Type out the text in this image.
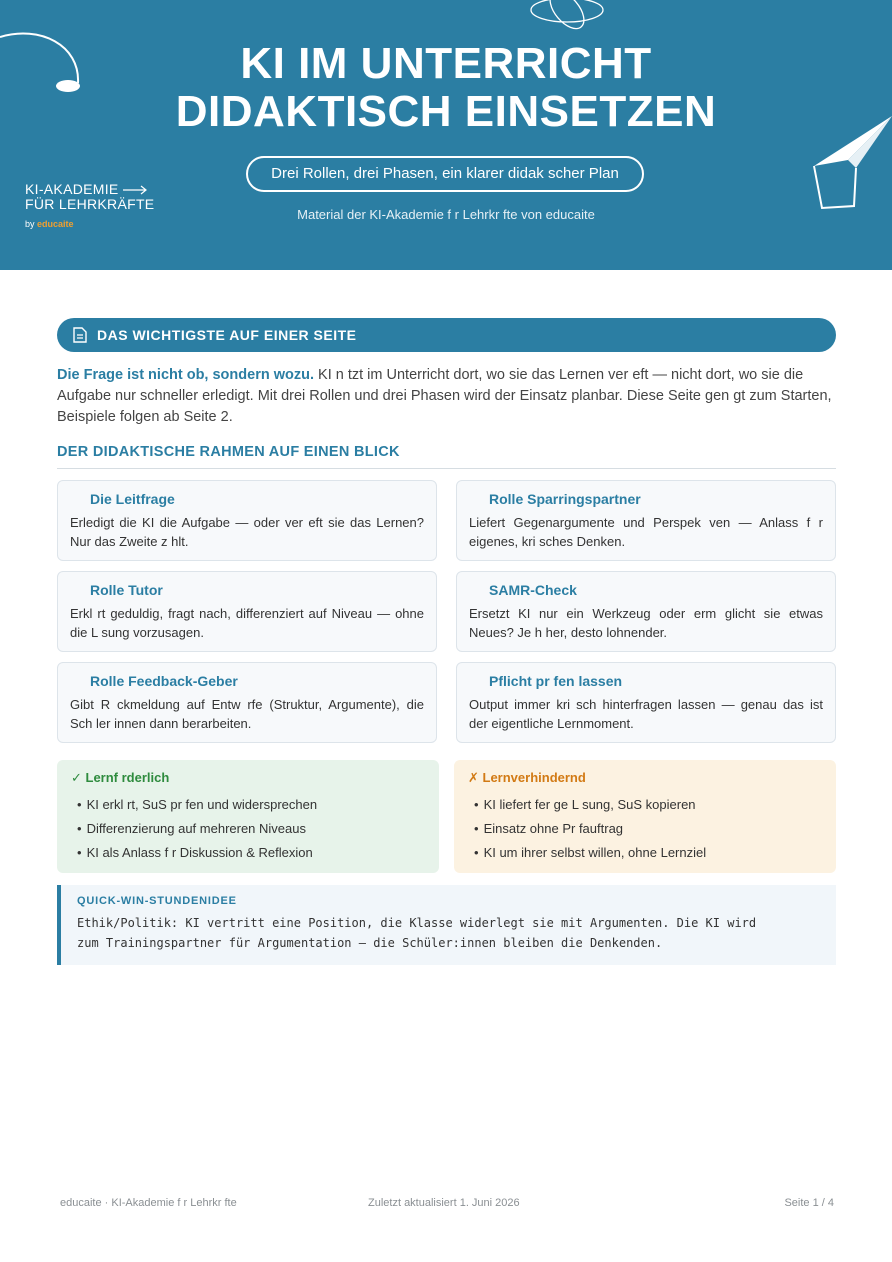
KI IM UNTERRICHT
DIDAKTISCH EINSETZEN
Drei Rollen, drei Phasen, ein klarer didak scher Plan
Material der KI-Akademie f r Lehrkr fte von educaite
KI-AKADEMIE
FÜR LEHRKRÄFTE
by educaite
DAS WICHTIGSTE AUF EINER SEITE
Die Frage ist nicht ob, sondern wozu. KI n tzt im Unterricht dort, wo sie das Lernen ver eft — nicht dort, wo sie die Aufgabe nur schneller erledigt. Mit drei Rollen und drei Phasen wird der Einsatz planbar. Diese Seite gen gt zum Starten, Beispiele folgen ab Seite 2.
DER DIDAKTISCHE RAHMEN AUF EINEN BLICK
Die Leitfrage
Erledigt die KI die Aufgabe — oder ver eft sie das Lernen? Nur das Zweite z hlt.
Rolle Sparringspartner
Liefert Gegenargumente und Perspek ven — Anlass f r eigenes, kri sches Denken.
Rolle Tutor
Erkl rt geduldig, fragt nach, differenziert auf Niveau — ohne die L sung vorzusagen.
SAMR-Check
Ersetzt KI nur ein Werkzeug oder erm glicht sie etwas Neues? Je h her, desto lohnender.
Rolle Feedback-Geber
Gibt R ckmeldung auf Entw rfe (Struktur, Argumente), die Sch ler innen dann berarbeiten.
Pflicht pr fen lassen
Output immer kri sch hinterfragen lassen — genau das ist der eigentliche Lernmoment.
✓ Lernf rderlich
• KI erkl rt, SuS pr fen und widersprechen
• Differenzierung auf mehreren Niveaus
• KI als Anlass f r Diskussion & Reflexion
✗ Lernverhindernd
• KI liefert fer ge L sung, SuS kopieren
• Einsatz ohne Pr fauftrag
• KI um ihrer selbst willen, ohne Lernziel
QUICK-WIN-STUNDENIDEE
Ethik/Politik: KI vertritt eine Position, die Klasse widerlegt sie mit Argumenten. Die KI wird
zum Trainingspartner für Argumentation — die Schüler:innen bleiben die Denkenden.
educaite · KI-Akademie f r Lehrkr fte	Zuletzt aktualisiert 1. Juni 2026	Seite 1 / 4
